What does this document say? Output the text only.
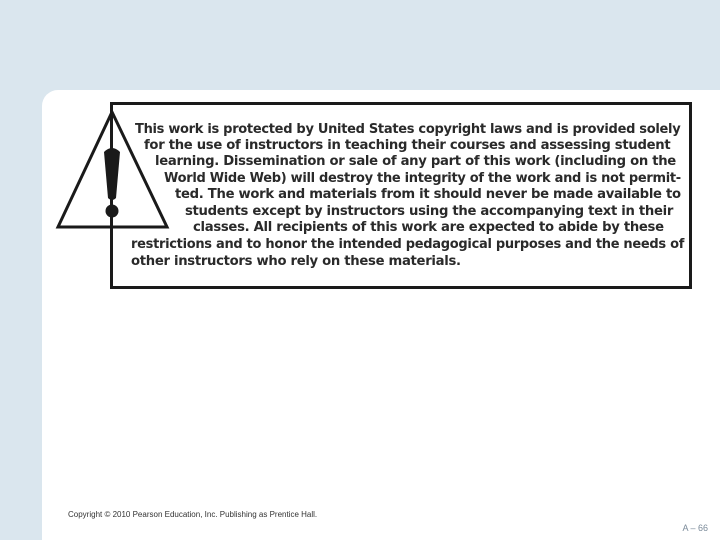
This work is protected by United States copyright laws and is provided solely
for the use of instructors in teaching their courses and assessing student
learning. Dissemination or sale of any part of this work (including on the
World Wide Web) will destroy the integrity of the work and is not permit-
ted. The work and materials from it should never be made available to
students except by instructors using the accompanying text in their
classes. All recipients of this work are expected to abide by these
restrictions and to honor the intended pedagogical purposes and the needs of
other instructors who rely on these materials.
Copyright © 2010 Pearson Education, Inc. Publishing as Prentice Hall.
A – 66
